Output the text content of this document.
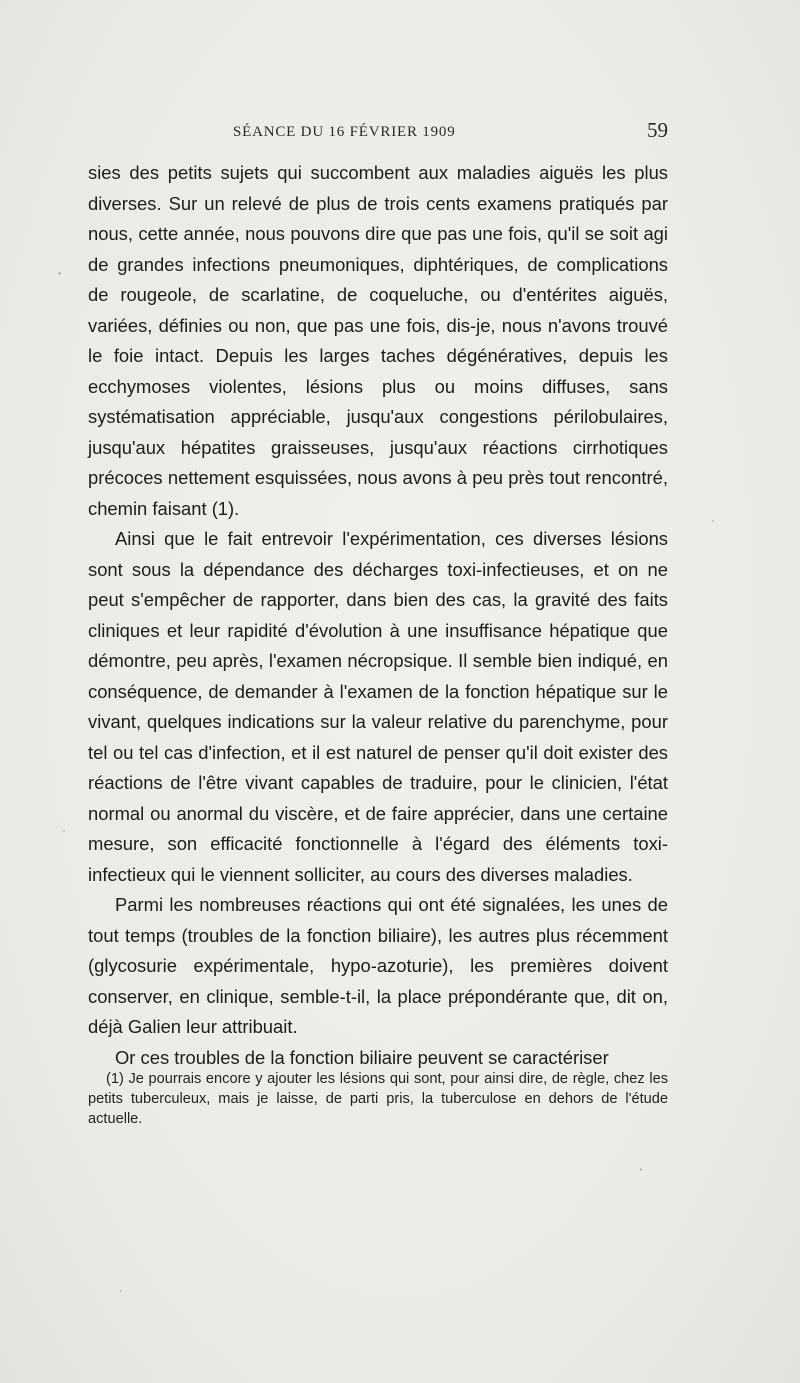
SÉANCE DU 16 FÉVRIER 1909	59

sies des petits sujets qui succombent aux maladies aiguës les plus diverses. Sur un relevé de plus de trois cents examens pratiqués par nous, cette année, nous pouvons dire que pas une fois, qu'il se soit agi de grandes infections pneumoniques, diphtériques, de complications de rougeole, de scarlatine, de coqueluche, ou d'entérites aiguës, variées, définies ou non, que pas une fois, dis-je, nous n'avons trouvé le foie intact. Depuis les larges taches dégénératives, depuis les ecchymoses violentes, lésions plus ou moins diffuses, sans systématisation appréciable, jusqu'aux congestions périlobulaires, jusqu'aux hépatites graisseuses, jusqu'aux réactions cirrhotiques précoces nettement esquissées, nous avons à peu près tout rencontré, chemin faisant (1).

Ainsi que le fait entrevoir l'expérimentation, ces diverses lésions sont sous la dépendance des décharges toxi-infectieuses, et on ne peut s'empêcher de rapporter, dans bien des cas, la gravité des faits cliniques et leur rapidité d'évolution à une insuffisance hépatique que démontre, peu après, l'examen nécropsique. Il semble bien indiqué, en conséquence, de demander à l'examen de la fonction hépatique sur le vivant, quelques indications sur la valeur relative du parenchyme, pour tel ou tel cas d'infection, et il est naturel de penser qu'il doit exister des réactions de l'être vivant capables de traduire, pour le clinicien, l'état normal ou anormal du viscère, et de faire apprécier, dans une certaine mesure, son efficacité fonctionnelle à l'égard des éléments toxi-infectieux qui le viennent solliciter, au cours des diverses maladies.

Parmi les nombreuses réactions qui ont été signalées, les unes de tout temps (troubles de la fonction biliaire), les autres plus récemment (glycosurie expérimentale, hypo-azoturie), les premières doivent conserver, en clinique, semble-t-il, la place prépondérante que, dit on, déjà Galien leur attribuait.

Or ces troubles de la fonction biliaire peuvent se caractériser

(1) Je pourrais encore y ajouter les lésions qui sont, pour ainsi dire, de règle, chez les petits tuberculeux, mais je laisse, de parti pris, la tuberculose en dehors de l'étude actuelle.
